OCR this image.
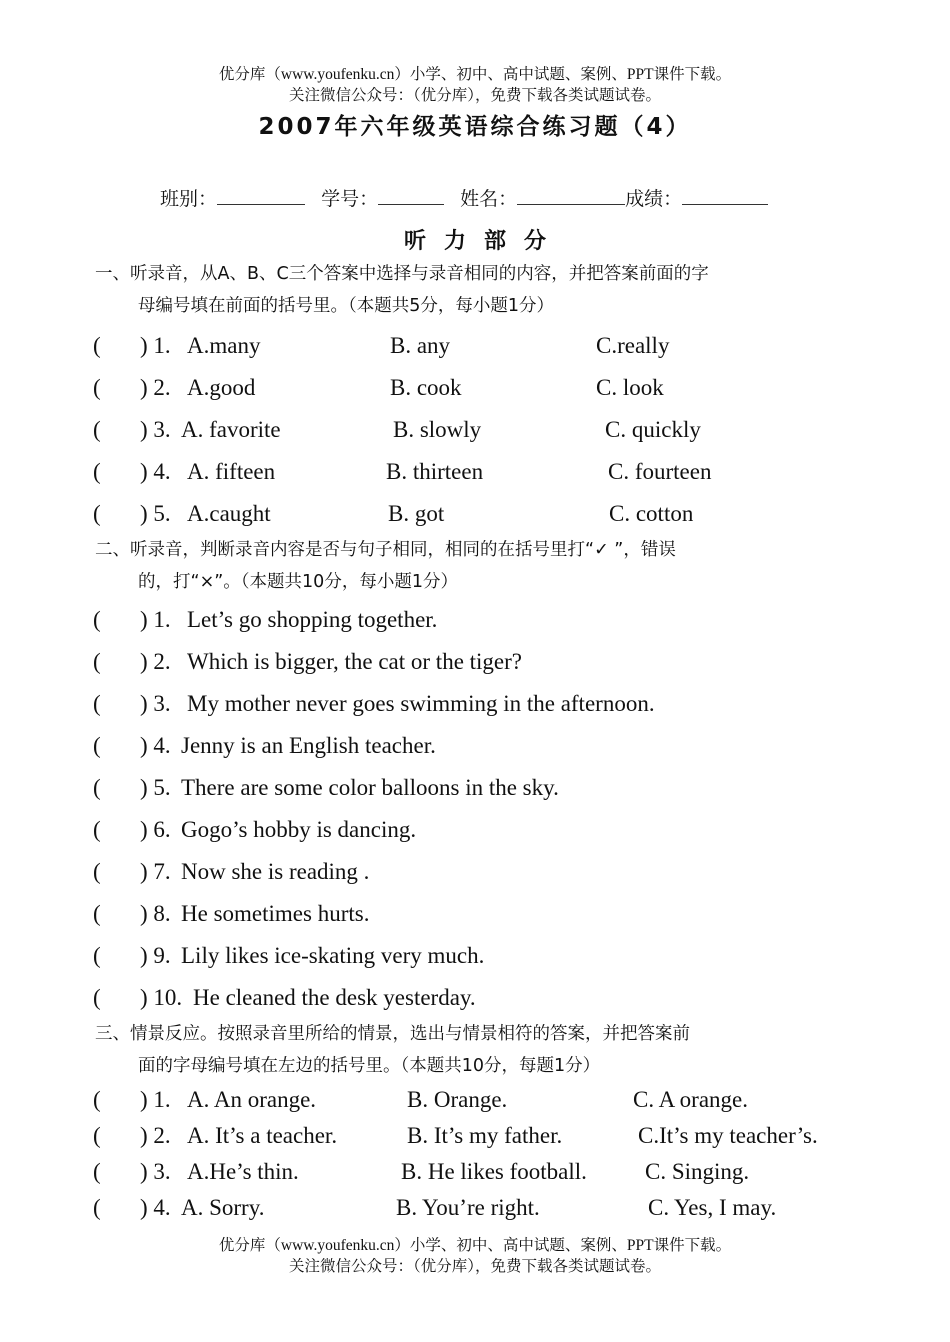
优分库（www.youfenku.cn）小学、初中、高中试题、案例、PPT课件下载。
关注微信公众号：（优分库），免费下载各类试题试卷。
2007年六年级英语综合练习题（4）
班别：	学号：	姓名：	成绩：
听力部分
一、听录音，从A、B、C三个答案中选择与录音相同的内容，并把答案前面的字
母编号填在前面的括号里。（本题共5分，每小题1分）
( ) 1. A.many	B. any	C.really
( ) 2. A.good	B. cook	C. look
( ) 3. A. favorite	B. slowly	C. quickly
( ) 4. A. fifteen	B. thirteen	C. fourteen
( ) 5. A.caught	B. got	C. cotton
二、听录音，判断录音内容是否与句子相同，相同的在括号里打“✓ ”，错误
的，打“×”。（本题共10分，每小题1分）
( ) 1. Let’s go shopping together.
( ) 2. Which is bigger, the cat or the tiger?
( ) 3. My mother never goes swimming in the afternoon.
( ) 4. Jenny is an English teacher.
( ) 5. There are some color balloons in the sky.
( ) 6. Gogo’s hobby is dancing.
( ) 7. Now she is reading .
( ) 8. He sometimes hurts.
( ) 9. Lily likes ice-skating very much.
( ) 10. He cleaned the desk yesterday.
三、情景反应。按照录音里所给的情景，选出与情景相符的答案，并把答案前
面的字母编号填在左边的括号里。（本题共10分，每题1分）
( ) 1. A. An orange.	B. Orange.	C. A orange.
( ) 2. A. It’s a teacher.	B. It’s my father.	C.It’s my teacher’s.
( ) 3. A.He’s thin.	B. He likes football.	C. Singing.
( ) 4. A. Sorry.	B. You’re right.	C. Yes, I may.
优分库（www.youfenku.cn）小学、初中、高中试题、案例、PPT课件下载。
关注微信公众号：（优分库），免费下载各类试题试卷。
